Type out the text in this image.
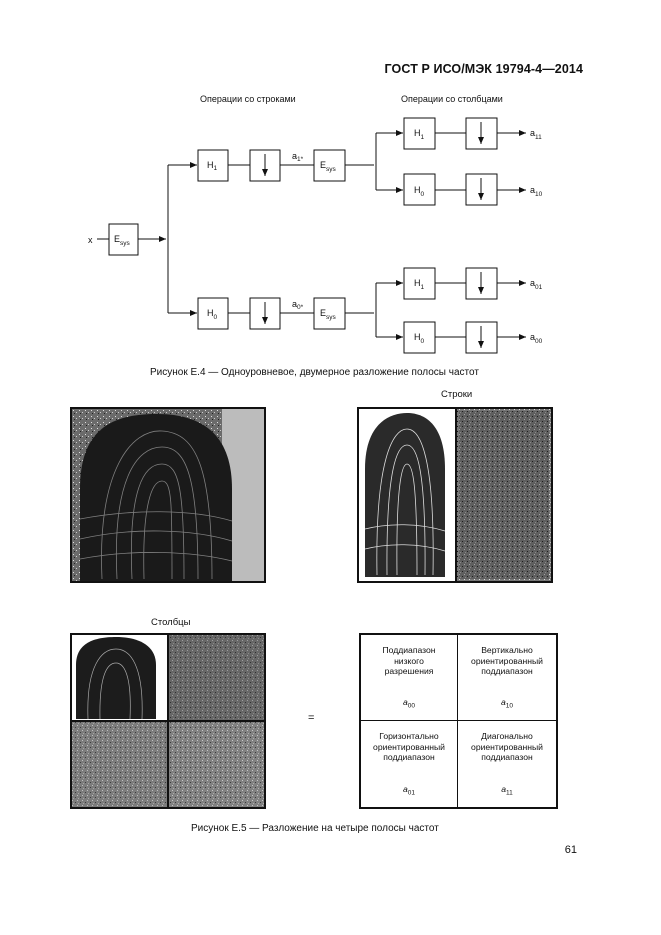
ГОСТ Р ИСО/МЭК 19794-4—2014
Операции со строками	Операции со столбцами
x $E_{sys}$
$H_1$
$H_0$
$a_{1*}$
$a_{0*}$
$E_{sys}$
$E_{sys}$
$H_1$
$H_0$
$H_1$
$H_0$
$a_{11}$
$a_{10}$
$a_{01}$
$a_{00}$
Рисунок Е.4 — Одноуровневое, двумерное разложение полосы частот
Строки
Столбцы
=
Поддиапазон
низкого
разрешения
$a_{00}$
Вертикально
ориентированный
поддиапазон
$a_{10}$
Горизонтально
ориентированный
поддиапазон
$a_{01}$
Диагонально
ориентированный
поддиапазон
$a_{11}$
Рисунок Е.5 — Разложение на четыре полосы частот
61
